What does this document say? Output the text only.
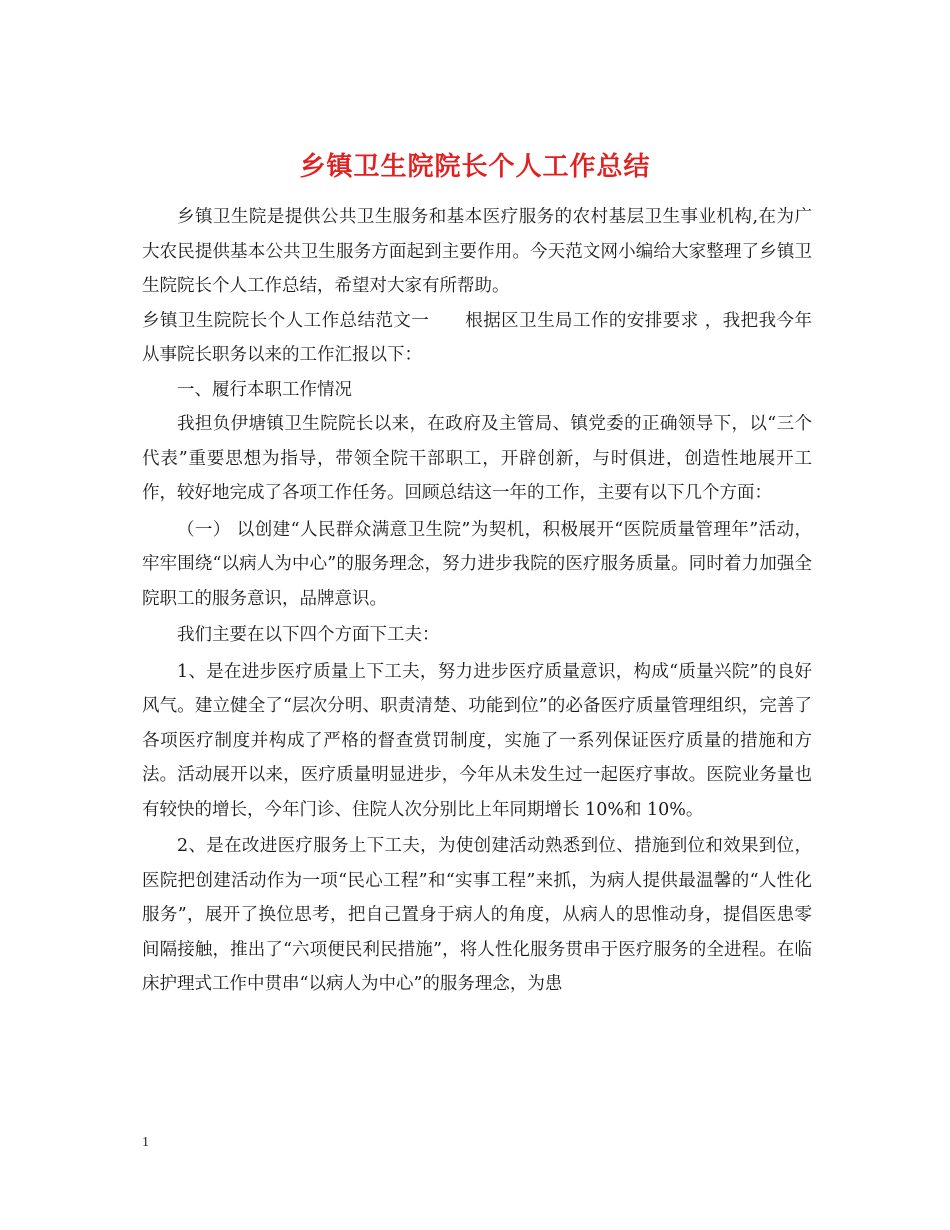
乡镇卫生院院长个人工作总结

乡镇卫生院是提供公共卫生服务和基本医疗服务的农村基层卫生事业机构,在为广大农民提供基本公共卫生服务方面起到主要作用。今天范文网小编给大家整理了乡镇卫生院院长个人工作总结，希望对大家有所帮助。

乡镇卫生院院长个人工作总结范文一　　根据区卫生局工作的安排要求 ，我把我今年从事院长职务以来的工作汇报以下：

一、履行本职工作情况

我担负伊塘镇卫生院院长以来，在政府及主管局、镇党委的正确领导下，以“三个代表”重要思想为指导，带领全院干部职工，开辟创新，与时俱进，创造性地展开工作，较好地完成了各项工作任务。回顾总结这一年的工作，主要有以下几个方面：

（一） 以创建“人民群众满意卫生院”为契机，积极展开“医院质量管理年”活动，牢牢围绕“以病人为中心”的服务理念，努力进步我院的医疗服务质量。同时着力加强全院职工的服务意识，品牌意识。

我们主要在以下四个方面下工夫：

1、是在进步医疗质量上下工夫，努力进步医疗质量意识，构成“质量兴院”的良好风气。建立健全了“层次分明、职责清楚、功能到位”的必备医疗质量管理组织，完善了各项医疗制度并构成了严格的督查赏罚制度，实施了一系列保证医疗质量的措施和方法。活动展开以来，医疗质量明显进步，今年从未发生过一起医疗事故。医院业务量也有较快的增长，今年门诊、住院人次分别比上年同期增长 10%和 10%。

2、是在改进医疗服务上下工夫，为使创建活动熟悉到位、措施到位和效果到位，医院把创建活动作为一项“民心工程”和“实事工程”来抓，为病人提供最温馨的“人性化服务”，展开了换位思考，把自己置身于病人的角度，从病人的思惟动身，提倡医患零间隔接触，推出了“六项便民利民措施”，将人性化服务贯串于医疗服务的全进程。在临床护理式工作中贯串“以病人为中心”的服务理念，为患

1
